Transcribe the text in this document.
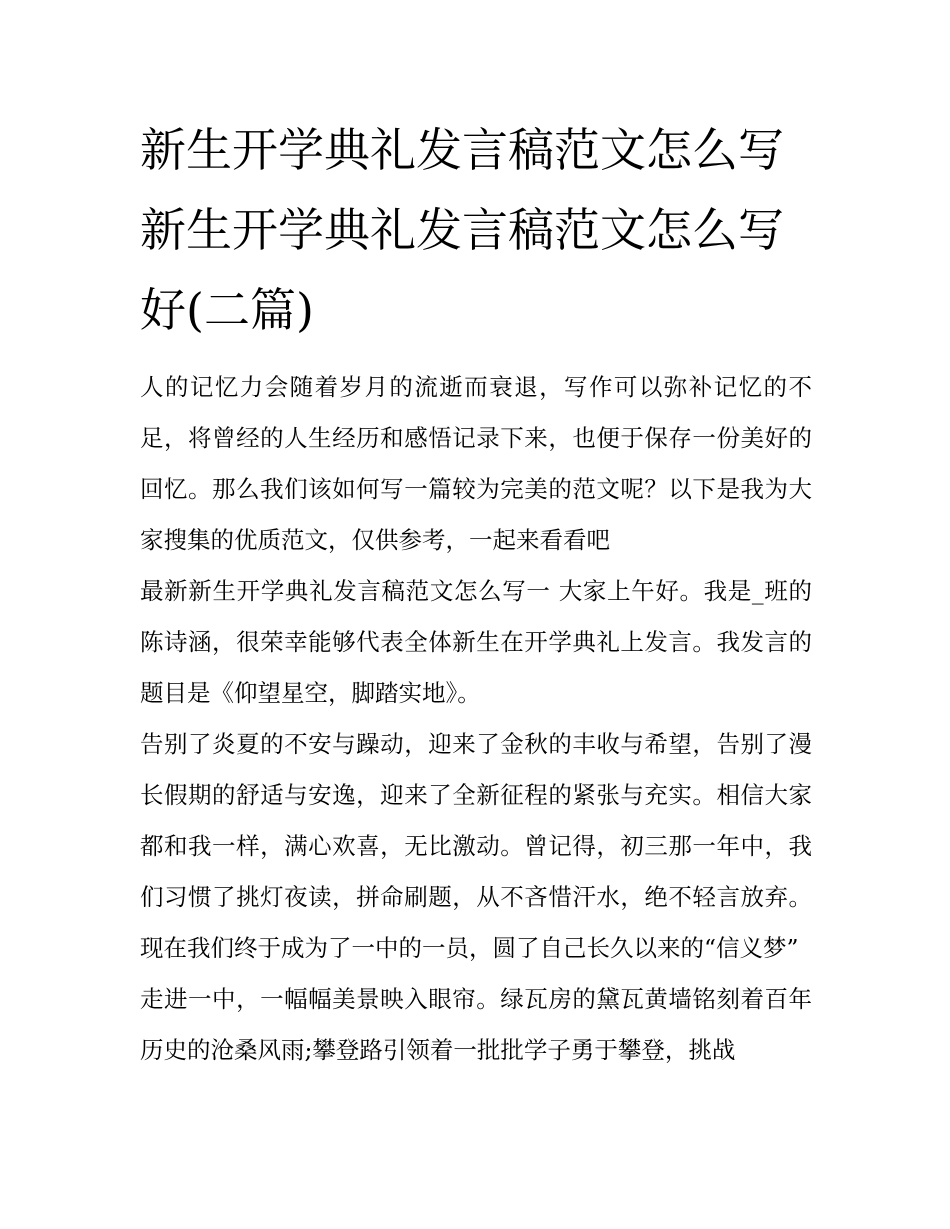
新生开学典礼发言稿范文怎么写 新生开学典礼发言稿范文怎么写好(二篇)

人的记忆力会随着岁月的流逝而衰退，写作可以弥补记忆的不足，将曾经的人生经历和感悟记录下来，也便于保存一份美好的回忆。那么我们该如何写一篇较为完美的范文呢？以下是我为大家搜集的优质范文，仅供参考，一起来看看吧

最新新生开学典礼发言稿范文怎么写一 大家上午好。我是_班的陈诗涵，很荣幸能够代表全体新生在开学典礼上发言。我发言的题目是《仰望星空，脚踏实地》。

告别了炎夏的不安与躁动，迎来了金秋的丰收与希望，告别了漫长假期的舒适与安逸，迎来了全新征程的紧张与充实。相信大家都和我一样，满心欢喜，无比激动。曾记得，初三那一年中，我们习惯了挑灯夜读，拼命刷题，从不吝惜汗水，绝不轻言放弃。现在我们终于成为了一中的一员，圆了自己长久以来的“信义梦”

走进一中，一幅幅美景映入眼帘。绿瓦房的黛瓦黄墙铭刻着百年历史的沧桑风雨;攀登路引领着一批批学子勇于攀登，挑战
